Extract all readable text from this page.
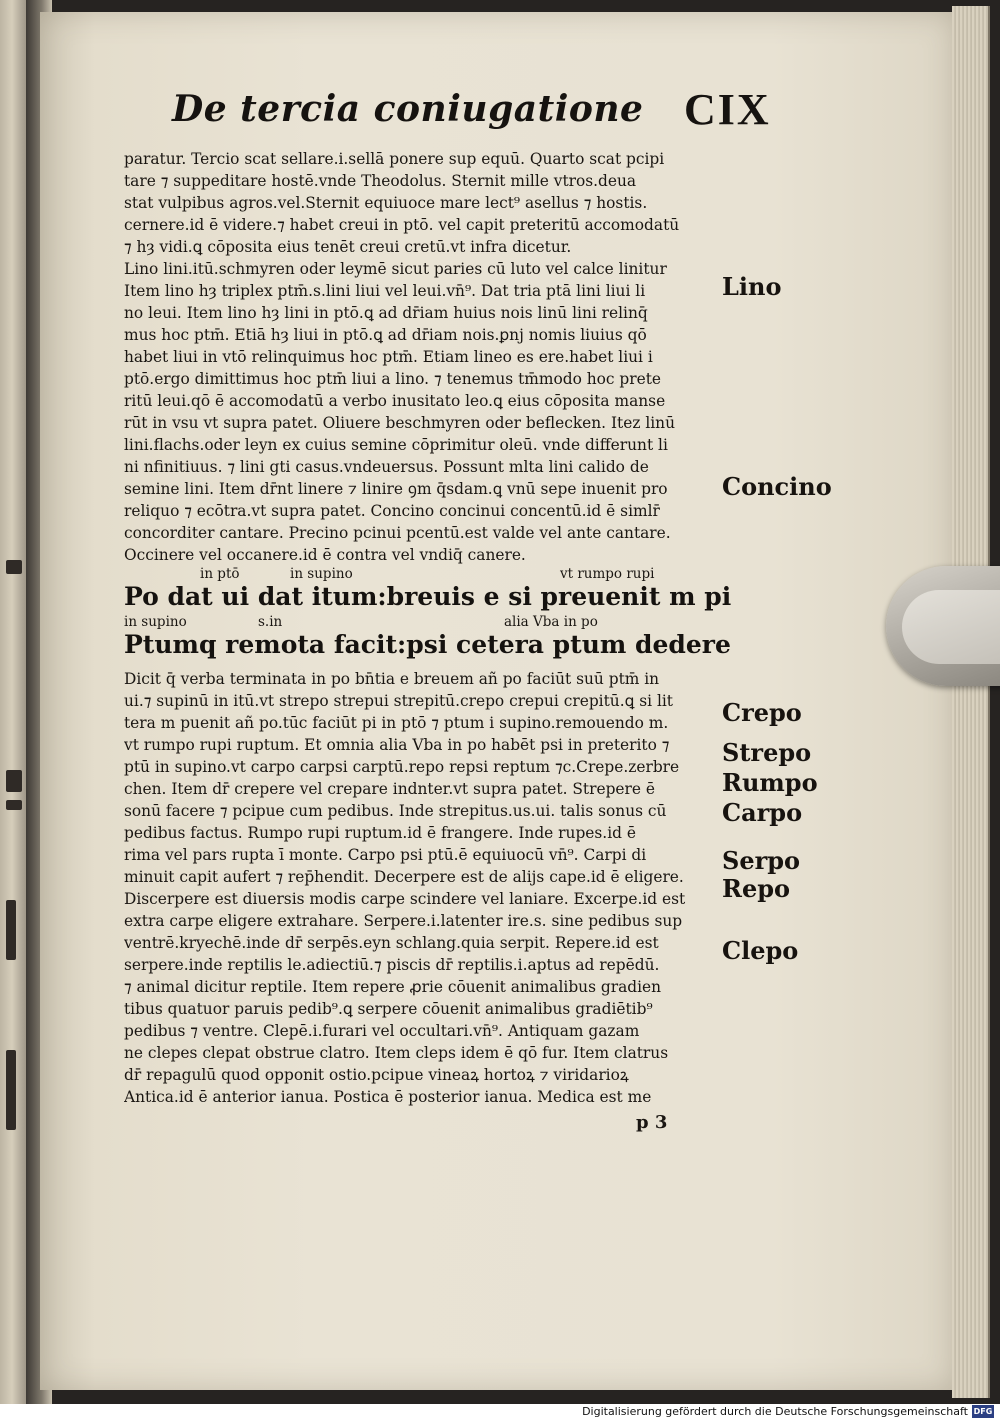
De tercia coniugatione CIX
paratur. Tercio scat sellare.i.sellā ponere sup equū. Quarto scat pcipi
tare ⁊ suppeditare hostē.vnde Theodolus. Sternit mille vtros.deua
stat vulpibus agros.vel.Sternit equiuoce mare lect⁹ asellus ⁊ hostis.
cernere.id ē videre.⁊ habet creui in ptō. vel capit preteritū accomodatū
⁊ hȝ vidi.ꝗ cōposita eius tenēt creui cretū.vt infra dicetur.
Lino lini.itū.schmyren oder leymē sicut paries cū luto vel calce linitur
Item lino hȝ triplex ptm̄.s.lini liui vel leui.vn̄⁹. Dat tria ptā lini liui li
no leui. Item lino hȝ lini in ptō.ꝗ ad dr̄iam huius nois linū lini relinq̄
mus hoc ptm̄. Etiā hȝ liui in ptō.ꝗ ad dr̄iam nois.ꝑnj nomis liuius qō
habet liui in vtō relinquimus hoc ptm̄. Etiam lineo es ere.habet liui i
ptō.ergo dimittimus hoc ptm̄ liui a lino. ⁊ tenemus tm̄modo hoc prete
ritū leui.qō ē accomodatū a verbo inusitato leo.ꝗ eius cōposita manse
rūt in vsu vt supra patet. Oliuere beschmyren oder beflecken. Itez linū
lini.flachs.oder leyn ex cuius semine cōprimitur oleū. vnde differunt li
ni nfinitiuus. ⁊ lini gti casus.vndeuersus. Possunt mlta lini calido de
semine lini. Item dr̄nt linere ⁊ linire ꝯm q̄sdam.ꝗ vnū sepe inuenit pro
reliquo ⁊ ecōtra.vt supra patet. Concino concinui concentū.id ē simlr̄
concorditer cantare. Precino pcinui pcentū.est valde vel ante cantare.
Occinere vel occanere.id ē contra vel vndiq̄ canere.
in ptō	in supino	vt rumpo rupi
Po dat ui dat itum:breuis e si preuenit m pi
in supino	s.in	alia Vba in po
Ptumq remota facit:psi cetera ptum dedere
Dicit q̄ verba terminata in po bn̄tia e breuem añ po faciūt suū ptm̄ in
ui.⁊ supinū in itū.vt strepo strepui strepitū.crepo crepui crepitū.ꝗ si lit
tera m puenit añ po.tūc faciūt pi in ptō ⁊ ptum i supino.remouendo m.
vt rumpo rupi ruptum. Et omnia alia Vba in po habēt psi in preterito ⁊
ptū in supino.vt carpo carpsi carptū.repo repsi reptum ⁊c.Crepe.zerbre
chen. Item dr̄ crepere vel crepare indnter.vt supra patet. Strepere ē
sonū facere ⁊ pcipue cum pedibus. Inde strepitus.us.ui. talis sonus cū
pedibus factus. Rumpo rupi ruptum.id ē frangere. Inde rupes.id ē
rima vel pars rupta ī monte. Carpo psi ptū.ē equiuocū vn̄⁹. Carpi di
minuit capit aufert ⁊ rep̄hendit. Decerpere est de alijs cape.id ē eligere.
Discerpere est diuersis modis carpe scindere vel laniare. Excerpe.id est
extra carpe eligere extrahare. Serpere.i.latenter ire.s. sine pedibus sup
ventrē.kryechē.inde dr̄ serpēs.eyn schlang.quia serpit. Repere.id est
serpere.inde reptilis le.adiectiū.⁊ piscis dr̄ reptilis.i.aptus ad repēdū.
⁊ animal dicitur reptile. Item repere ꝓrie cōuenit animalibus gradien
tibus quatuor paruis pedib⁹.ꝗ serpere cōuenit animalibus gradiētib⁹
pedibus ⁊ ventre. Clepē.i.furari vel occultari.vn̄⁹. Antiquam gazam
ne clepes clepat obstrue clatro. Item cleps idem ē qō fur. Item clatrus
dr̄ repagulū quod opponit ostio.pcipue vineaꝝ hortoꝝ ⁊ viridarioꝝ
Antica.id ē anterior ianua. Postica ē posterior ianua. Medica est me
p 3
Lino
Concino
Crepo
Strepo
Rumpo
Carpo
Serpo
Repo
Clepo
Digitalisierung gefördert durch die Deutsche Forschungsgemeinschaft DFG
